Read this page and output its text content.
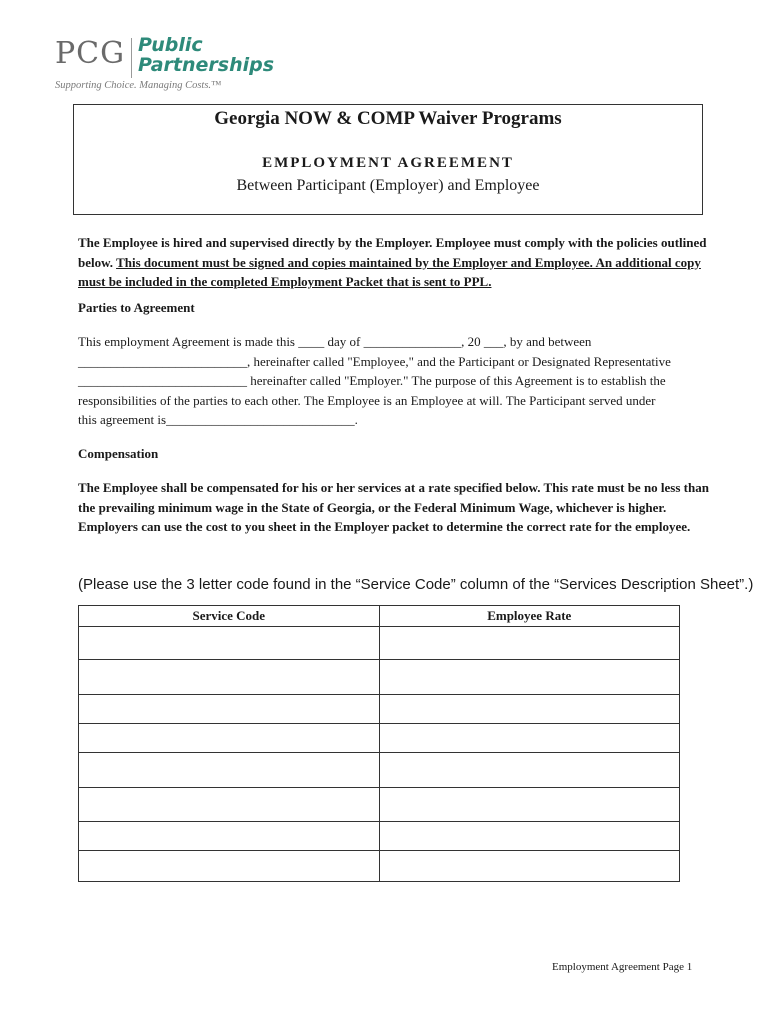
PCG Public
Partnerships
Supporting Choice. Managing Costs.™
Georgia NOW & COMP Waiver Programs
EMPLOYMENT AGREEMENT
Between Participant (Employer) and Employee

The Employee is hired and supervised directly by the Employer. Employee must comply with the policies outlined below. This document must be signed and copies maintained by the Employer and Employee. An additional copy must be included in the completed Employment Packet that is sent to PPL.

Parties to Agreement
This employment Agreement is made this ____ day of _______________, 20 ___, by and between
__________________________, hereinafter called "Employee," and the Participant or Designated Representative
__________________________ hereinafter called "Employer." The purpose of this Agreement is to establish the
responsibilities of the parties to each other. The Employee is an Employee at will. The Participant served under
this agreement is_____________________________.
Compensation

The Employee shall be compensated for his or her services at a rate specified below. This rate must be no less than the prevailing minimum wage in the State of Georgia, or the Federal Minimum Wage, whichever is higher. Employers can use the cost to you sheet in the Employer packet to determine the correct rate for the employee.

(Please use the 3 letter code found in the “Service Code” column of the “Services Description Sheet”.)
Service Code	Employee Rate

Employment Agreement Page 1
